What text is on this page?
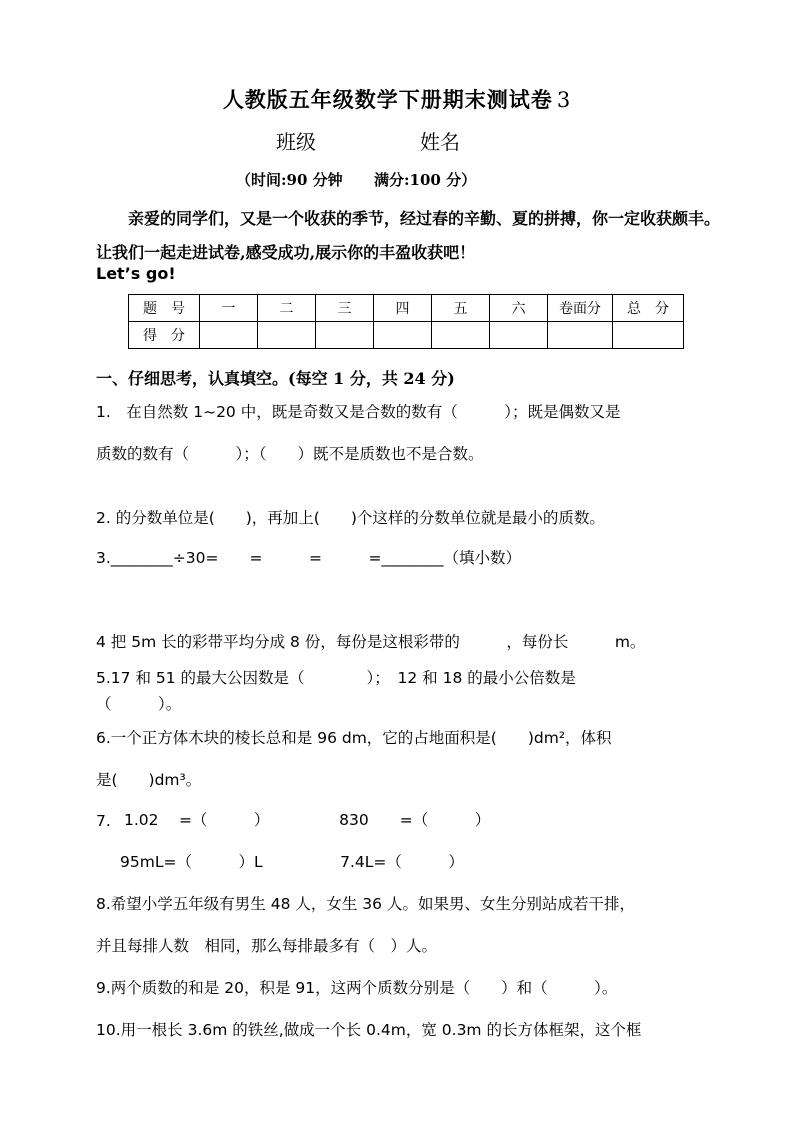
人教版五年级数学下册期末测试卷 3
班级	姓名
（时间:90 分钟 满分:100 分）
亲爱的同学们，又是一个收获的季节，经过春的辛勤、夏的拼搏，你一定收获颇丰。让我们一起走进试卷,感受成功,展示你的丰盈收获吧！
Let’s go!
题　号	一	二	三	四	五	六	卷面分	总　分
得　分								
一、仔细思考，认真填空。(每空 1 分，共 24 分)
1.　在自然数 1~20 中，既是奇数又是合数的数有（　　　）；既是偶数又是
质数的数有（　　　）；（　　）既不是质数也不是合数。
2. 的分数单位是(　　)，再加上(　　)个这样的分数单位就是最小的质数。
3.________÷30=　　=　　　=　　　=________（填小数）
4 把 5m 长的彩带平均分成 8 份，每份是这根彩带的　　　，每份长　　　m。
5.17 和 51 的最大公因数是（　　　　）；　12 和 18 的最小公倍数是
（　　　）。
6.一个正方体木块的棱长总和是 96 dm，它的占地面积是(　　)dm²，体积
是(　　)dm³。
7. 1.02　 =（　　　）　　　　　830　　=（　　　）
95mL=（　　　）L　　　　　7.4L=（　　　）
8.希望小学五年级有男生 48 人，女生 36 人。如果男、女生分别站成若干排，
并且每排人数　相同，那么每排最多有（　）人。
9.两个质数的和是 20，积是 91，这两个质数分别是（　　）和（　　　）。
10.用一根长 3.6m 的铁丝,做成一个长 0.4m，宽 0.3m 的长方体框架，这个框
